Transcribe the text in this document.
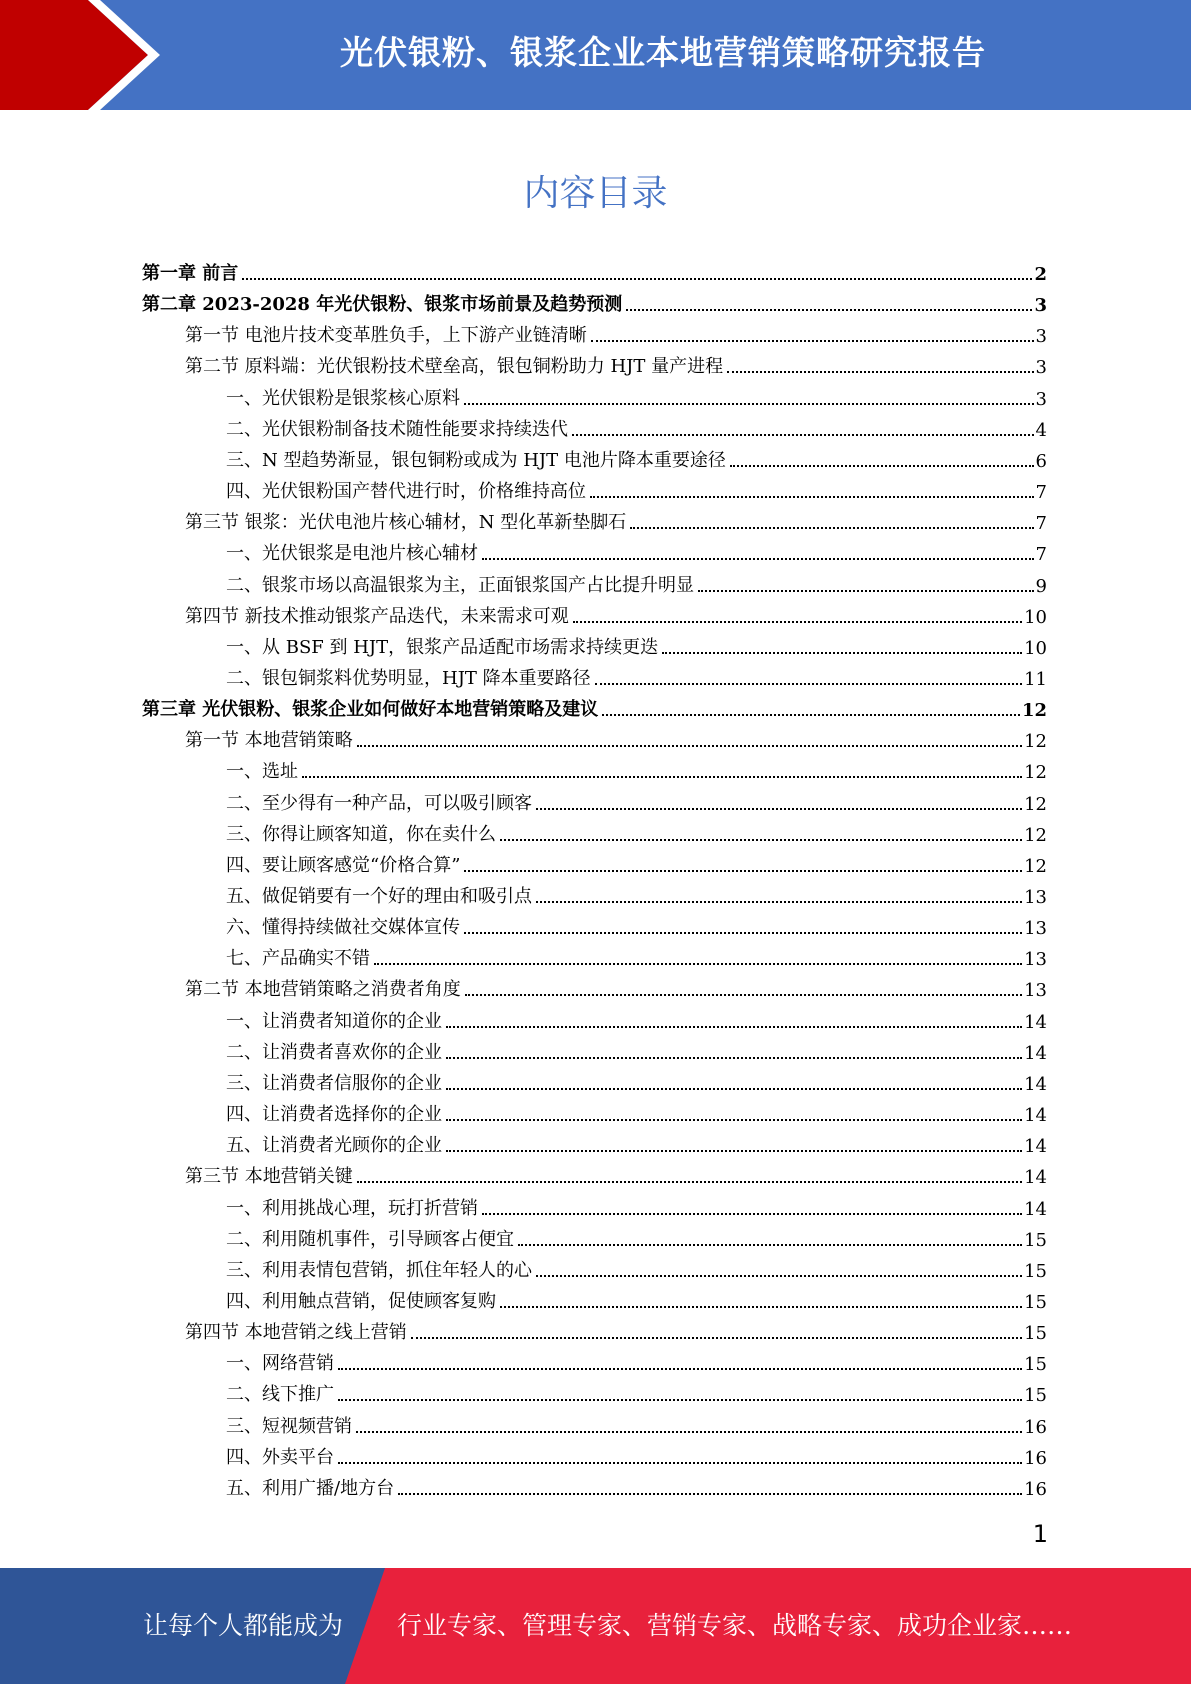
光伏银粉、银浆企业本地营销策略研究报告
内容目录
第一章 前言	2
第二章 2023-2028 年光伏银粉、银浆市场前景及趋势预测	3
第一节 电池片技术变革胜负手，上下游产业链清晰	3
第二节 原料端：光伏银粉技术壁垒高，银包铜粉助力 HJT 量产进程	3
一、光伏银粉是银浆核心原料	3
二、光伏银粉制备技术随性能要求持续迭代	4
三、N 型趋势渐显，银包铜粉或成为 HJT 电池片降本重要途径	6
四、光伏银粉国产替代进行时，价格维持高位	7
第三节 银浆：光伏电池片核心辅材，N 型化革新垫脚石	7
一、光伏银浆是电池片核心辅材	7
二、银浆市场以高温银浆为主，正面银浆国产占比提升明显	9
第四节 新技术推动银浆产品迭代，未来需求可观	10
一、从 BSF 到 HJT，银浆产品适配市场需求持续更迭	10
二、银包铜浆料优势明显，HJT 降本重要路径	11
第三章 光伏银粉、银浆企业如何做好本地营销策略及建议	12
第一节 本地营销策略	12
一、选址	12
二、至少得有一种产品，可以吸引顾客	12
三、你得让顾客知道，你在卖什么	12
四、要让顾客感觉“价格合算”	12
五、做促销要有一个好的理由和吸引点	13
六、懂得持续做社交媒体宣传	13
七、产品确实不错	13
第二节 本地营销策略之消费者角度	13
一、让消费者知道你的企业	14
二、让消费者喜欢你的企业	14
三、让消费者信服你的企业	14
四、让消费者选择你的企业	14
五、让消费者光顾你的企业	14
第三节 本地营销关键	14
一、利用挑战心理，玩打折营销	14
二、利用随机事件，引导顾客占便宜	15
三、利用表情包营销，抓住年轻人的心	15
四、利用触点营销，促使顾客复购	15
第四节 本地营销之线上营销	15
一、网络营销	15
二、线下推广	15
三、短视频营销	16
四、外卖平台	16
五、利用广播/地方台	16
1
让每个人都能成为 行业专家、管理专家、营销专家、战略专家、成功企业家……
